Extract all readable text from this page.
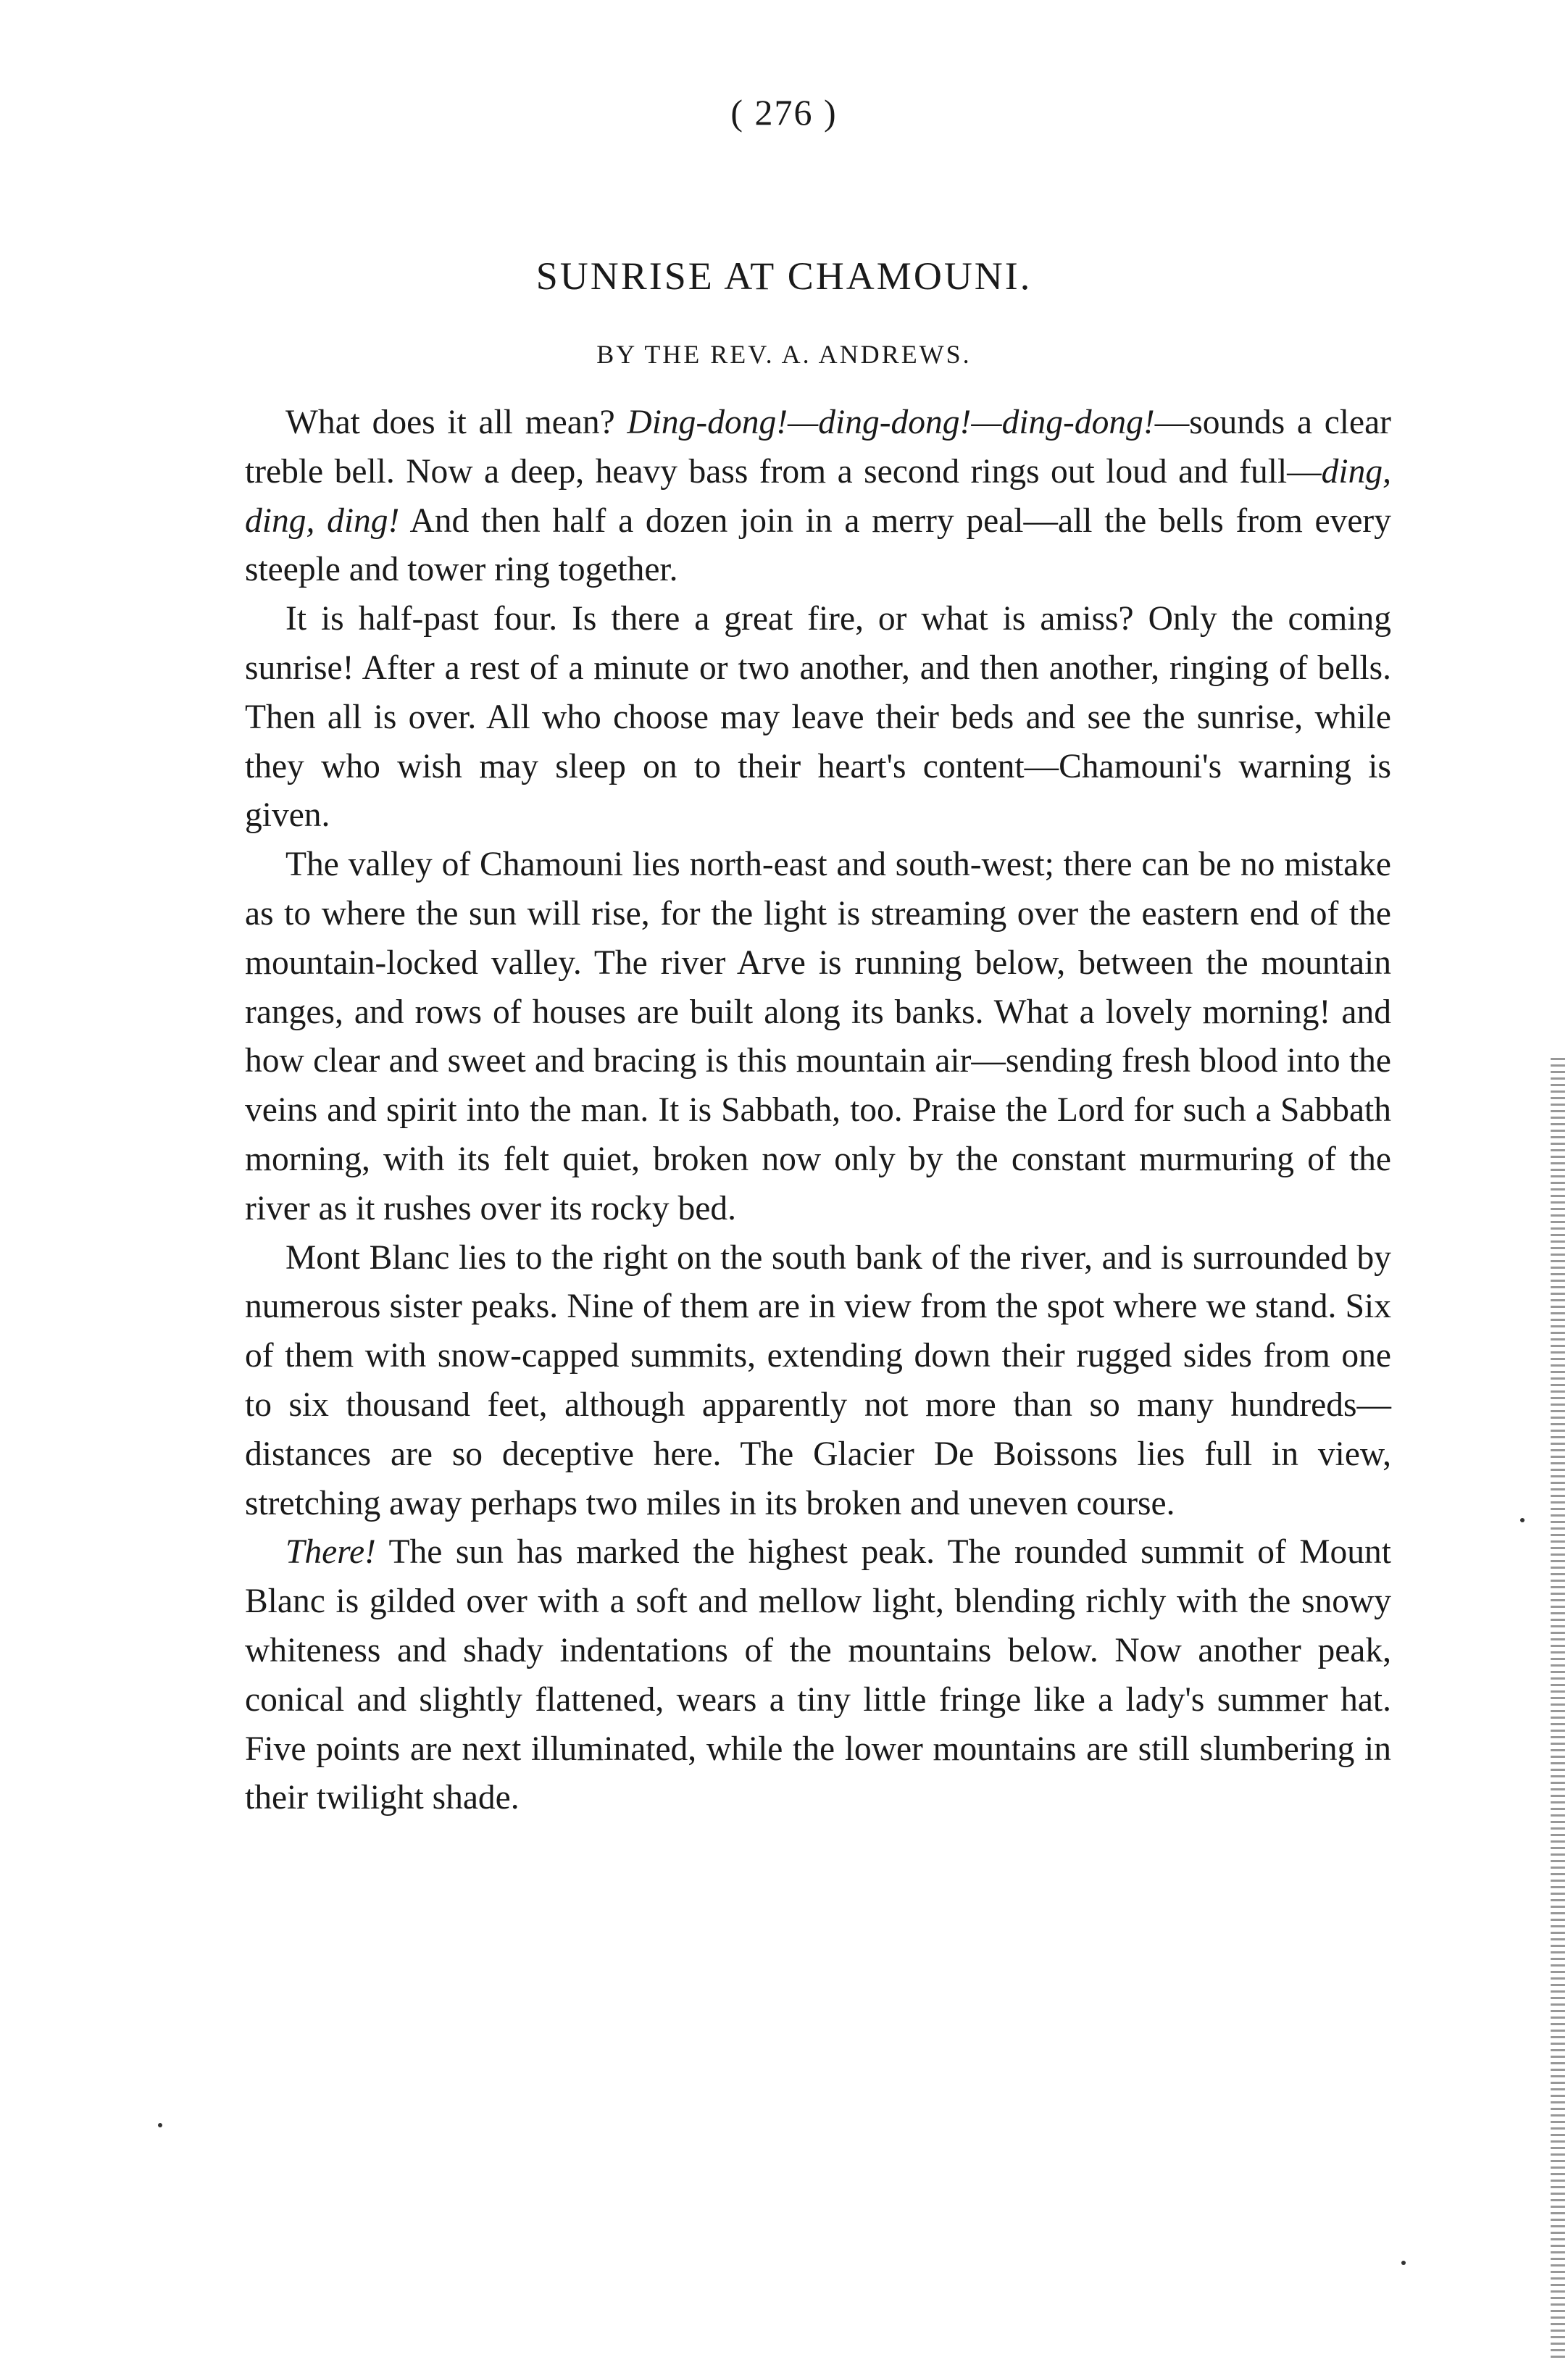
( 276 )
SUNRISE AT CHAMOUNI.
BY THE REV. A. ANDREWS.

What does it all mean? Ding-dong!—ding-dong!—ding-dong!—sounds a clear treble bell. Now a deep, heavy bass from a second rings out loud and full—ding, ding, ding! And then half a dozen join in a merry peal—all the bells from every steeple and tower ring together.

It is half-past four. Is there a great fire, or what is amiss? Only the coming sunrise! After a rest of a minute or two another, and then another, ringing of bells. Then all is over. All who choose may leave their beds and see the sunrise, while they who wish may sleep on to their heart's content—Chamouni's warning is given.

The valley of Chamouni lies north-east and south-west; there can be no mistake as to where the sun will rise, for the light is streaming over the eastern end of the mountain-locked valley. The river Arve is running below, between the mountain ranges, and rows of houses are built along its banks. What a lovely morning! and how clear and sweet and bracing is this mountain air—sending fresh blood into the veins and spirit into the man. It is Sabbath, too. Praise the Lord for such a Sabbath morning, with its felt quiet, broken now only by the constant murmuring of the river as it rushes over its rocky bed.

Mont Blanc lies to the right on the south bank of the river, and is surrounded by numerous sister peaks. Nine of them are in view from the spot where we stand. Six of them with snow-capped summits, extending down their rugged sides from one to six thousand feet, although apparently not more than so many hundreds—distances are so deceptive here. The Glacier De Boissons lies full in view, stretching away perhaps two miles in its broken and uneven course.

There! The sun has marked the highest peak. The rounded summit of Mount Blanc is gilded over with a soft and mellow light, blending richly with the snowy whiteness and shady indentations of the mountains below. Now another peak, conical and slightly flattened, wears a tiny little fringe like a lady's summer hat. Five points are next illuminated, while the lower mountains are still slumbering in their twilight shade.
